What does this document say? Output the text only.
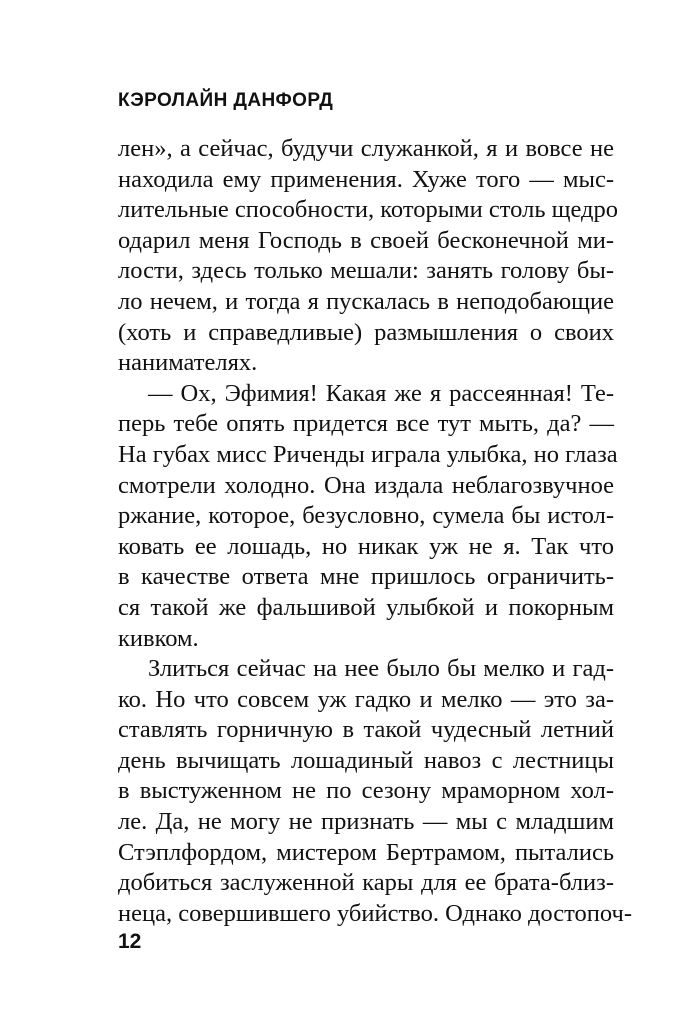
КЭРОЛАЙН ДАНФОРД
лен», а сейчас, будучи служанкой, я и вовсе не
находила ему применения. Хуже того — мыс-
лительные способности, которыми столь щедро
одарил меня Господь в своей бесконечной ми-
лости, здесь только мешали: занять голову бы-
ло нечем, и тогда я пускалась в неподобающие
(хоть и справедливые) размышления о своих
нанимателях.
— Ох, Эфимия! Какая же я рассеянная! Те-
перь тебе опять придется все тут мыть, да? —
На губах мисс Риченды играла улыбка, но глаза
смотрели холодно. Она издала неблагозвучное
ржание, которое, безусловно, сумела бы истол-
ковать ее лошадь, но никак уж не я. Так что
в качестве ответа мне пришлось ограничить-
ся такой же фальшивой улыбкой и покорным
кивком.
Злиться сейчас на нее было бы мелко и гад-
ко. Но что совсем уж гадко и мелко — это за-
ставлять горничную в такой чудесный летний
день вычищать лошадиный навоз с лестницы
в выстуженном не по сезону мраморном хол-
ле. Да, не могу не признать — мы с младшим
Стэплфордом, мистером Бертрамом, пытались
добиться заслуженной кары для ее брата-близ-
неца, совершившего убийство. Однако достопоч-
12
